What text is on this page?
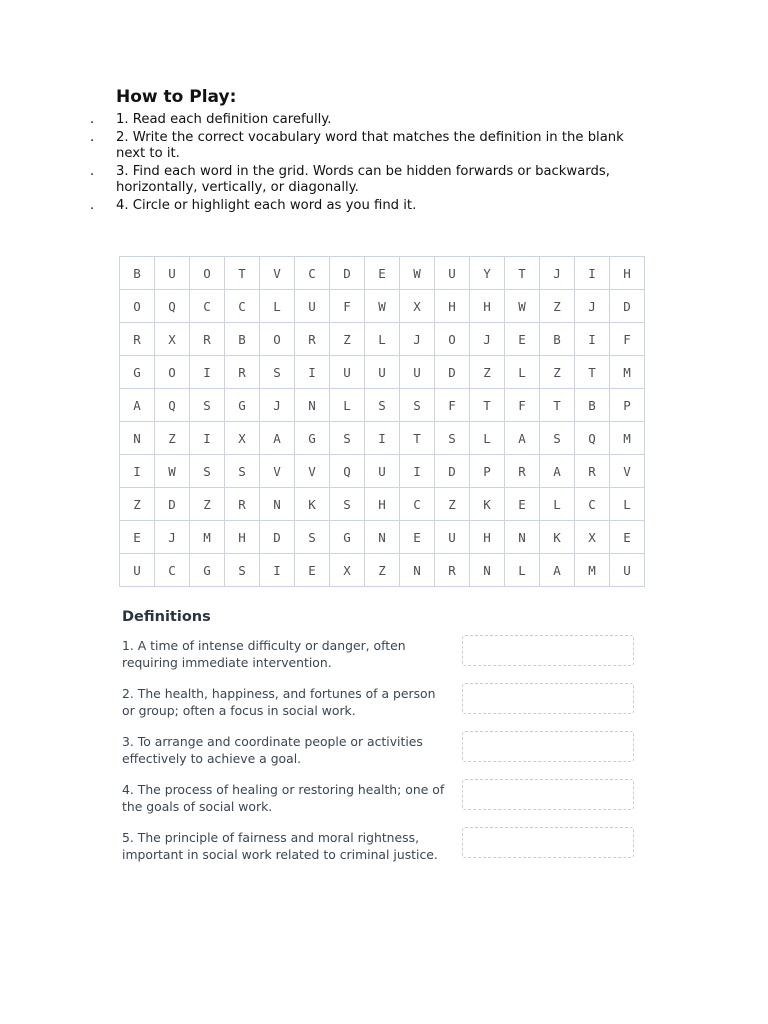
How to Play:
. 1. Read each definition carefully.
. 2. Write the correct vocabulary word that matches the definition in the blank next to it.
. 3. Find each word in the grid. Words can be hidden forwards or backwards, horizontally, vertically, or diagonally.
. 4. Circle or highlight each word as you find it.
B	U	O	T	V	C	D	E	W	U	Y	T	J	I	H
O	Q	C	C	L	U	F	W	X	H	H	W	Z	J	D
R	X	R	B	O	R	Z	L	J	O	J	E	B	I	F
G	O	I	R	S	I	U	U	U	D	Z	L	Z	T	M
A	Q	S	G	J	N	L	S	S	F	T	F	T	B	P
N	Z	I	X	A	G	S	I	T	S	L	A	S	Q	M
I	W	S	S	V	V	Q	U	I	D	P	R	A	R	V
Z	D	Z	R	N	K	S	H	C	Z	K	E	L	C	L
E	J	M	H	D	S	G	N	E	U	H	N	K	X	E
U	C	G	S	I	E	X	Z	N	R	N	L	A	M	U
Definitions
1. A time of intense difficulty or danger, often requiring immediate intervention.
2. The health, happiness, and fortunes of a person or group; often a focus in social work.
3. To arrange and coordinate people or activities effectively to achieve a goal.
4. The process of healing or restoring health; one of the goals of social work.
5. The principle of fairness and moral rightness, important in social work related to criminal justice.
